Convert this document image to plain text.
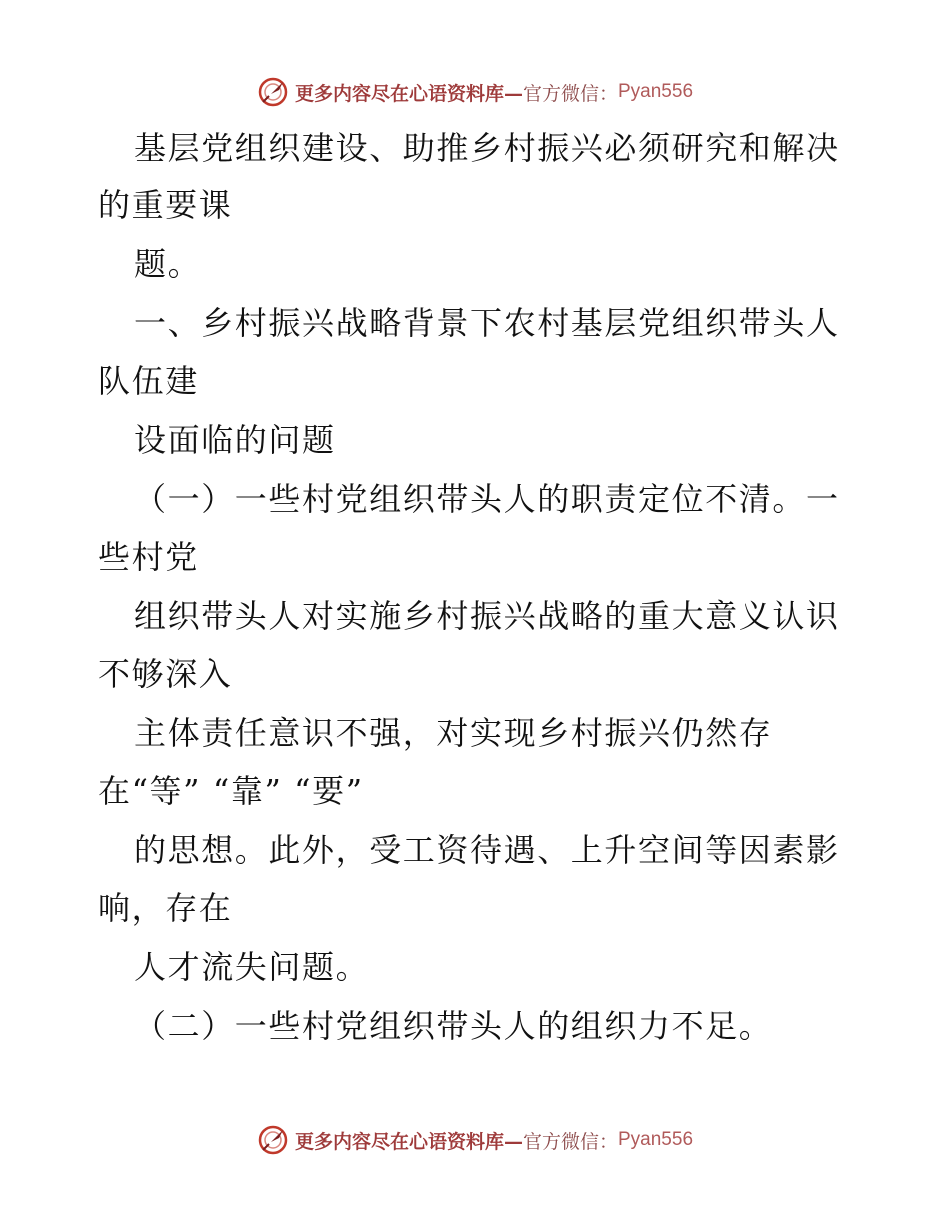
更多内容尽在心语资料库— 官方微信： Pyan556
基层党组织建设、助推乡村振兴必须研究和解决
的重要课
题。
一、乡村振兴战略背景下农村基层党组织带头人
队伍建
设面临的问题
（一）一些村党组织带头人的职责定位不清。一
些村党
组织带头人对实施乡村振兴战略的重大意义认识
不够深入
主体责任意识不强，对实现乡村振兴仍然存
在“等” “靠” “要”
的思想。此外，受工资待遇、上升空间等因素影
响，存在
人才流失问题。
（二）一些村党组织带头人的组织力不足。
更多内容尽在心语资料库— 官方微信： Pyan556
